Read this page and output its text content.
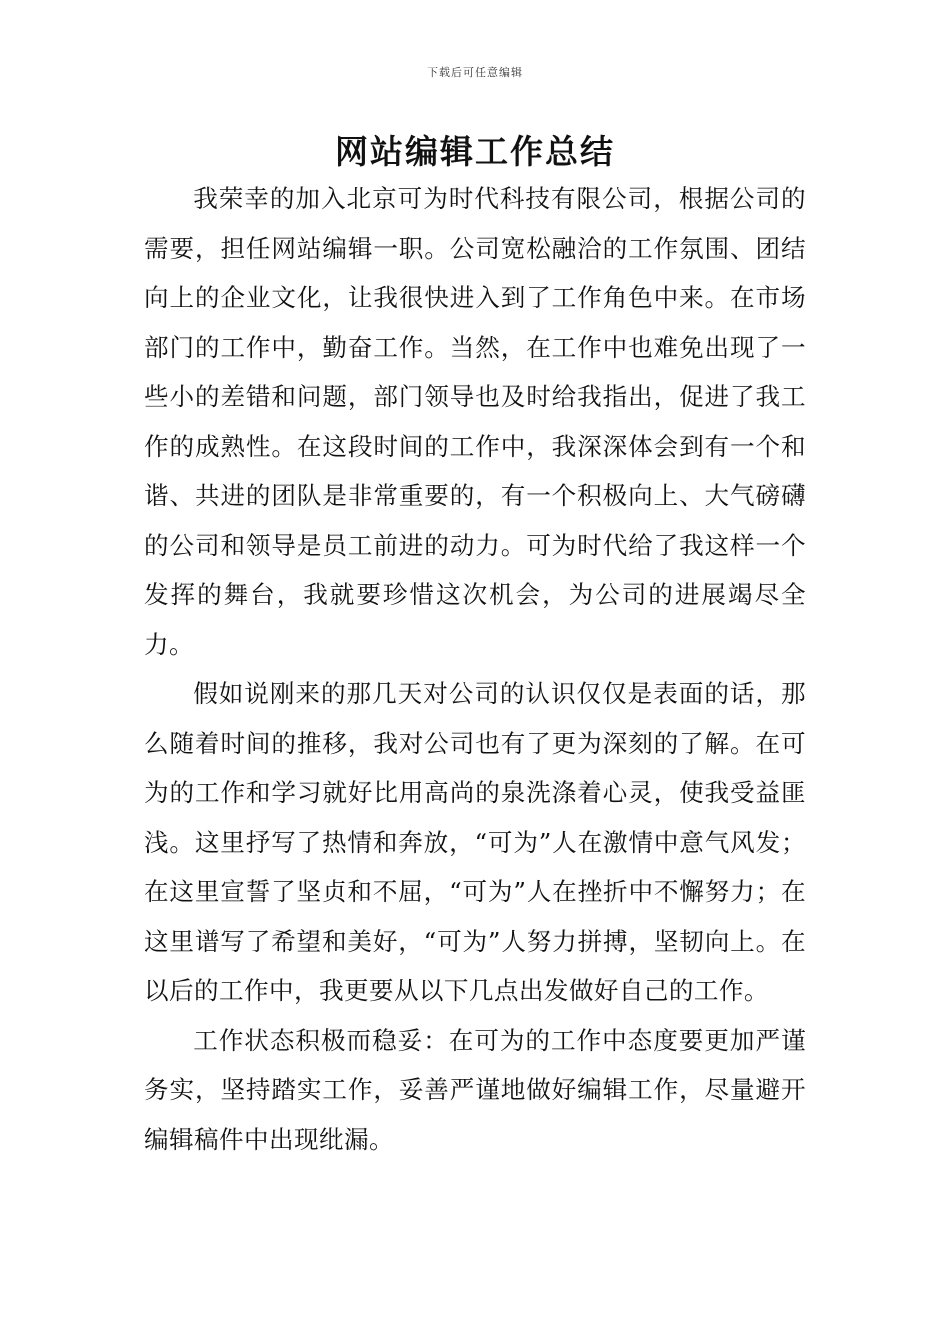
下载后可任意编辑
网站编辑工作总结

我荣幸的加入北京可为时代科技有限公司，根据公司的需要，担任网站编辑一职。公司宽松融洽的工作氛围、团结向上的企业文化，让我很快进入到了工作角色中来。在市场部门的工作中，勤奋工作。当然，在工作中也难免出现了一些小的差错和问题，部门领导也及时给我指出，促进了我工作的成熟性。在这段时间的工作中，我深深体会到有一个和谐、共进的团队是非常重要的，有一个积极向上、大气磅礴的公司和领导是员工前进的动力。可为时代给了我这样一个发挥的舞台，我就要珍惜这次机会，为公司的进展竭尽全力。

假如说刚来的那几天对公司的认识仅仅是表面的话，那么随着时间的推移，我对公司也有了更为深刻的了解。在可为的工作和学习就好比用高尚的泉洗涤着心灵，使我受益匪浅。这里抒写了热情和奔放，“可为”人在激情中意气风发；在这里宣誓了坚贞和不屈，“可为”人在挫折中不懈努力；在这里谱写了希望和美好，“可为”人努力拼搏，坚韧向上。在以后的工作中，我更要从以下几点出发做好自己的工作。

工作状态积极而稳妥：在可为的工作中态度要更加严谨务实，坚持踏实工作，妥善严谨地做好编辑工作，尽量避开编辑稿件中出现纰漏。
